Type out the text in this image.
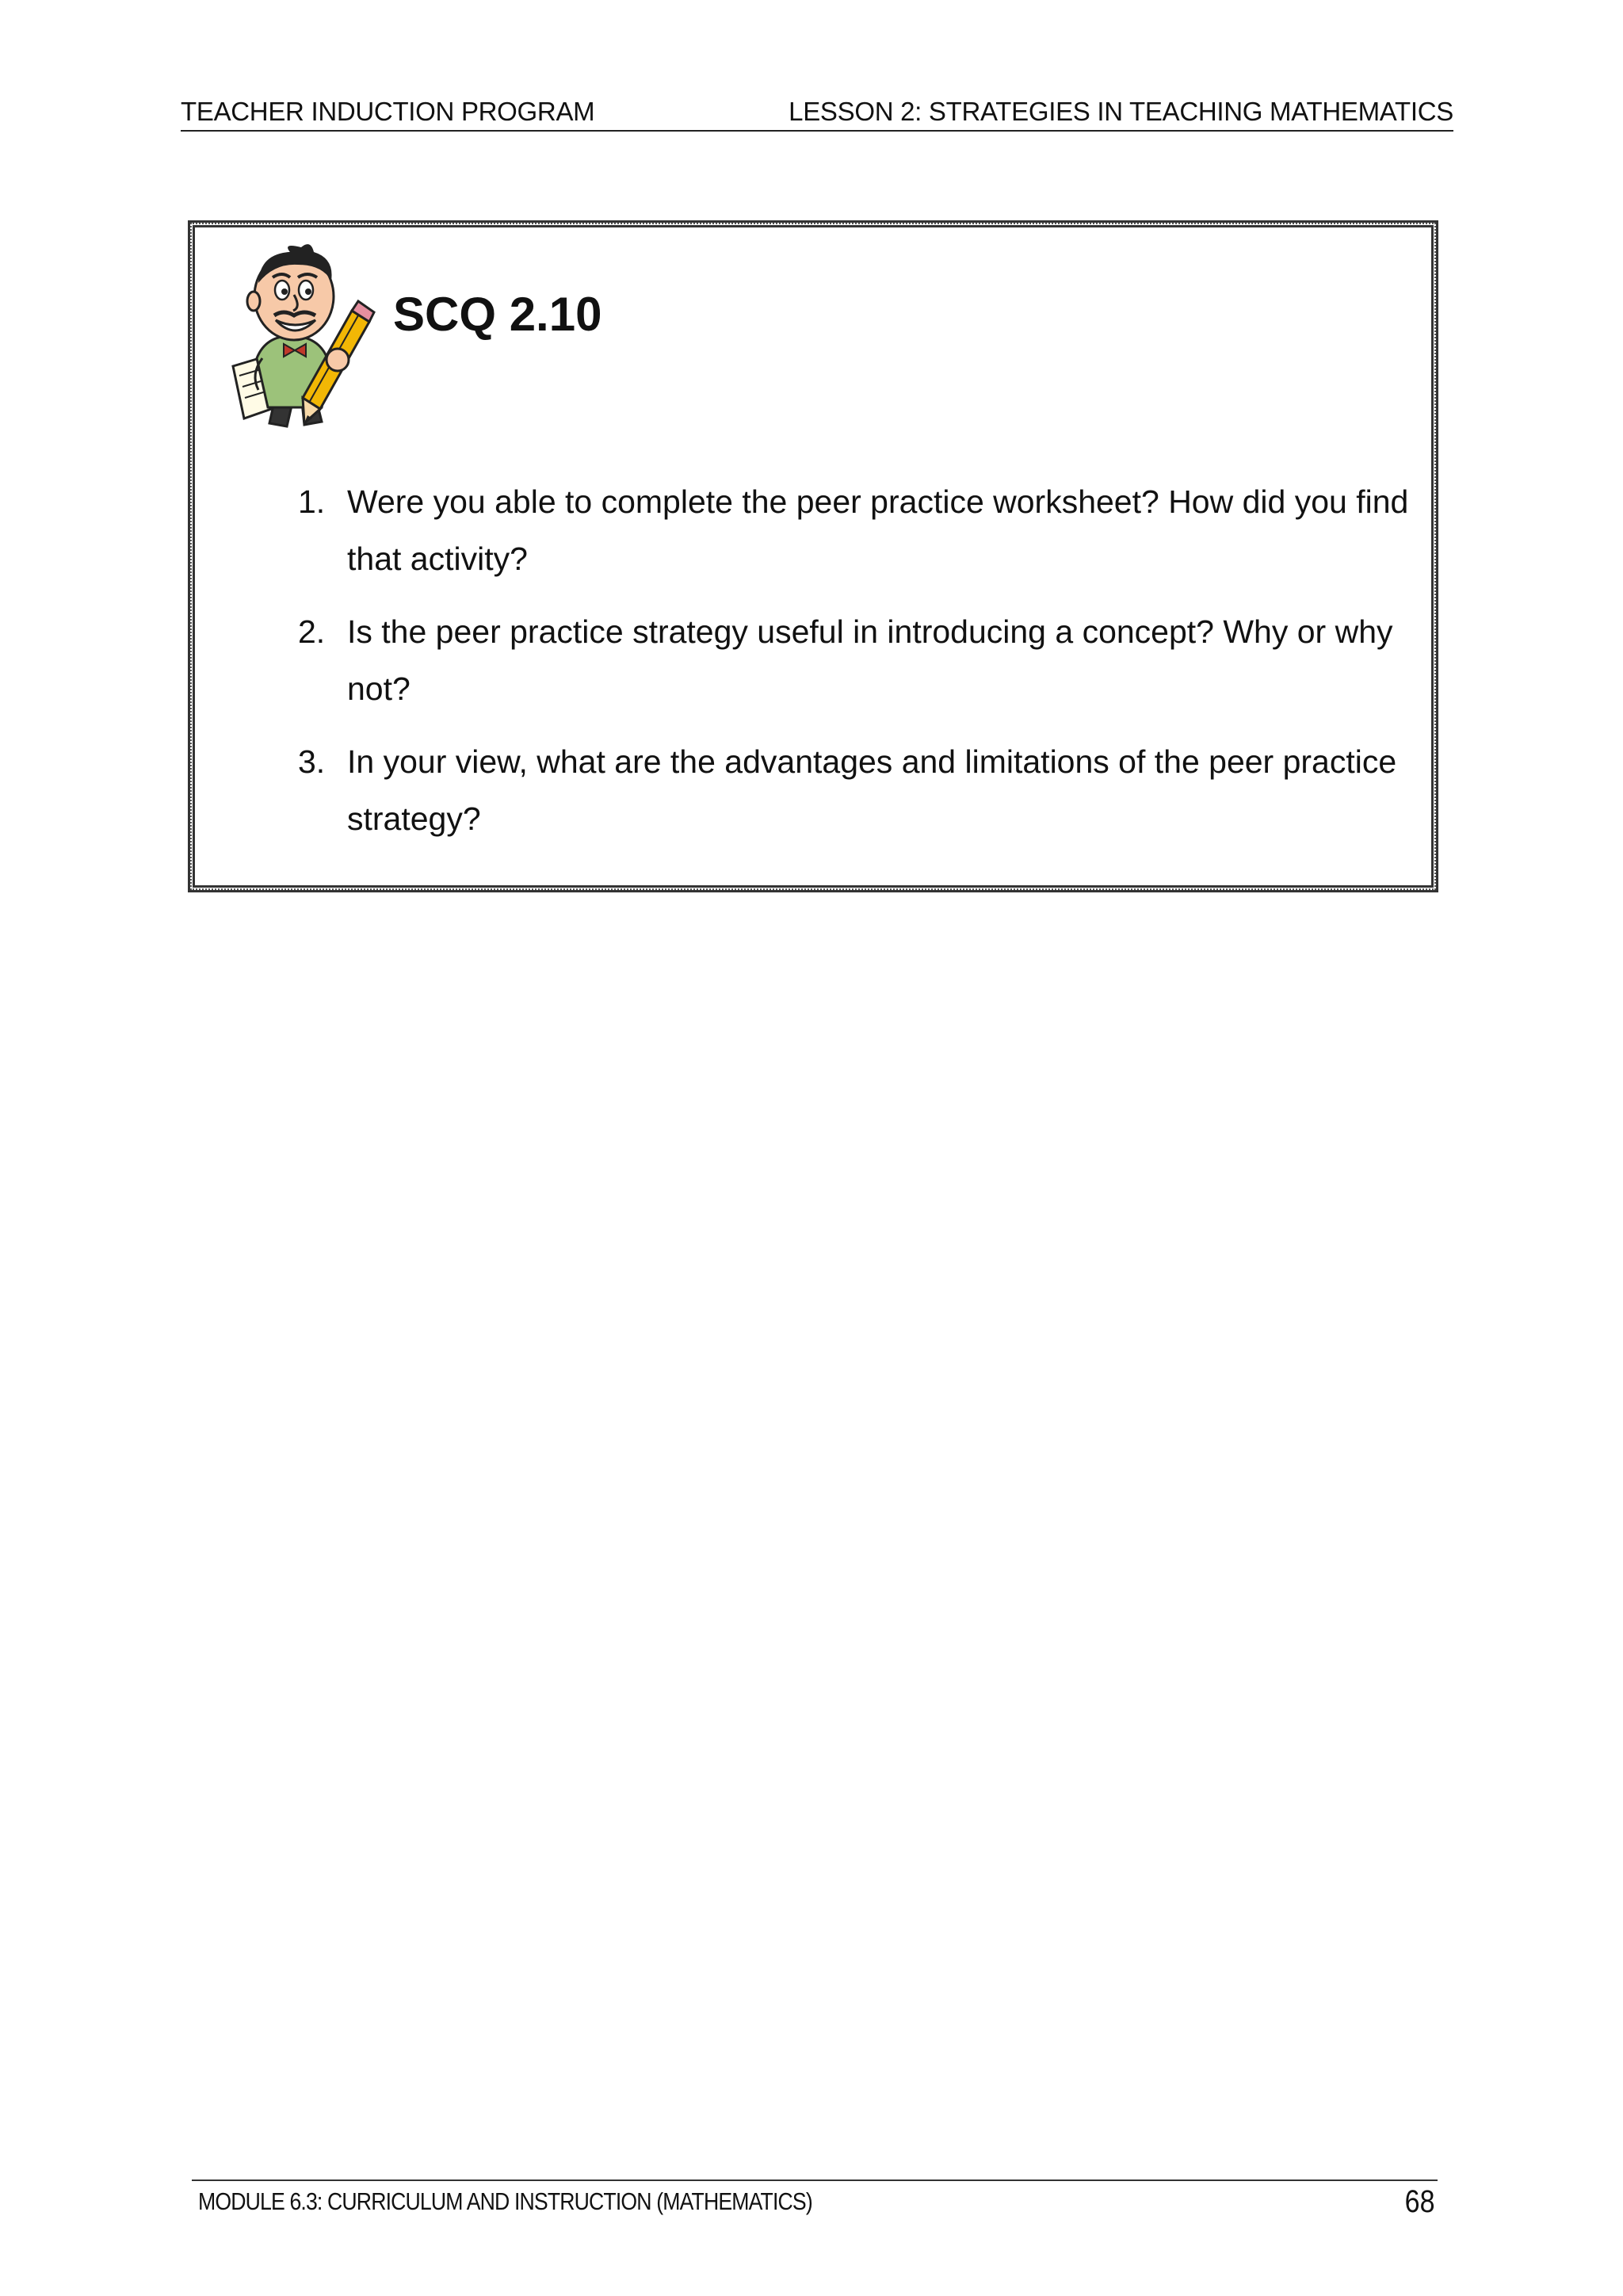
TEACHER INDUCTION PROGRAM	LESSON 2: STRATEGIES IN TEACHING MATHEMATICS
SCQ 2.10
1. Were you able to complete the peer practice worksheet? How did you find that activity?
2. Is the peer practice strategy useful in introducing a concept? Why or why not?
3. In your view, what are the advantages and limitations of the peer practice strategy?
MODULE 6.3: CURRICULUM AND INSTRUCTION (MATHEMATICS)	68
